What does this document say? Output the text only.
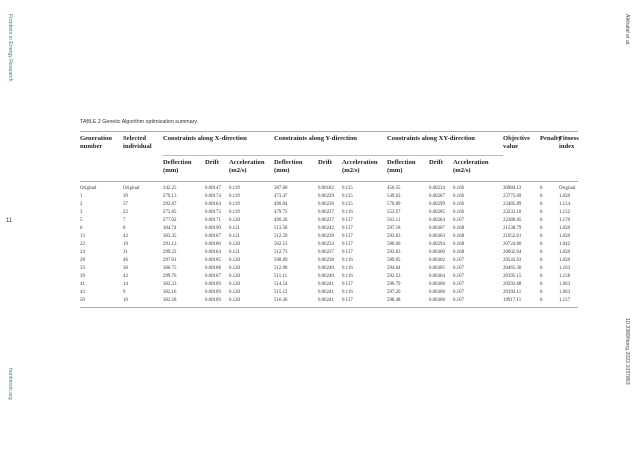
Frontiers in Energy Research
11
frontiersin.org
Alkhafaf et al.
10.3389/fenrg.2022.1037863
TABLE 2 Genetic Algorithm optimization summary.
Generation number	Selected individual	Constraints along X-direction			Constraints along Y-direction			Constraints along XY-direction			Objective value	Penalty	Fitness index
		Deflection (mm)	Drift	Acceleration (m2/s)	Deflection (mm)	Drift	Acceleration (m2/s)	Deflection (mm)	Drift	Acceleration (m2/s)			
Original	Original	242.25	0.00147	0.119	387.00	0.00182	0.115	456.55	0.00234	0.166	30984.13	0	Original
1	39	279.13	0.00174	0.119	473.47	0.00229	0.115	549.63	0.00287	0.166	23775.69	0	1.020
2	37	292.87	0.00184	0.119	490.04	0.00236	0.115	570.89	0.00299	0.166	23485.89	0	1.154
3	22	273.85	0.00173	0.119	479.72	0.00227	0.116	553.57	0.00285	0.166	23233.10	0	1.152
5	7	277.02	0.00171	0.120	490.26	0.00227	0.117	563.11	0.00284	0.167	22380.85	0	1.170
6	8	304.74	0.00190	0.121	513.58	0.00242	0.117	597.18	0.00307	0.168	21538.79	0	1.020
13	43	303.35	0.00187	0.121	512.59	0.00239	0.117	593.63	0.00303	0.168	21052.61	0	1.020
22	19	291.13	0.00180	0.120	502.53	0.00233	0.117	580.60	0.00294	0.168	20724.66	0	1.042
24	31	299.22	0.00184	0.121	512.73	0.00237	0.117	593.63	0.00300	0.168	20602.64	0	1.020
28	46	297.01	0.00185	0.120	508.69	0.00238	0.116	589.05	0.00302	0.167	20543.63	0	1.020
33	30	300.75	0.00188	0.120	512.98	0.00240	0.116	594.64	0.00305	0.167	20465.36	0	1.163
39	43	299.76	0.00187	0.120	511.11	0.00240	0.116	592.53	0.00304	0.167	20395.15	0	1.158
41	14	302.33	0.00189	0.120	514.54	0.00241	0.117	596.79	0.00306	0.167	20292.68	0	1.063
43	9	302.16	0.00189	0.120	515.12	0.00241	0.116	597.20	0.00306	0.167	20192.11	0	1.063
50	10	302.58	0.00189	0.120	516.36	0.00241	0.117	598.48	0.00306	0.167	19917.11	0	1.157
